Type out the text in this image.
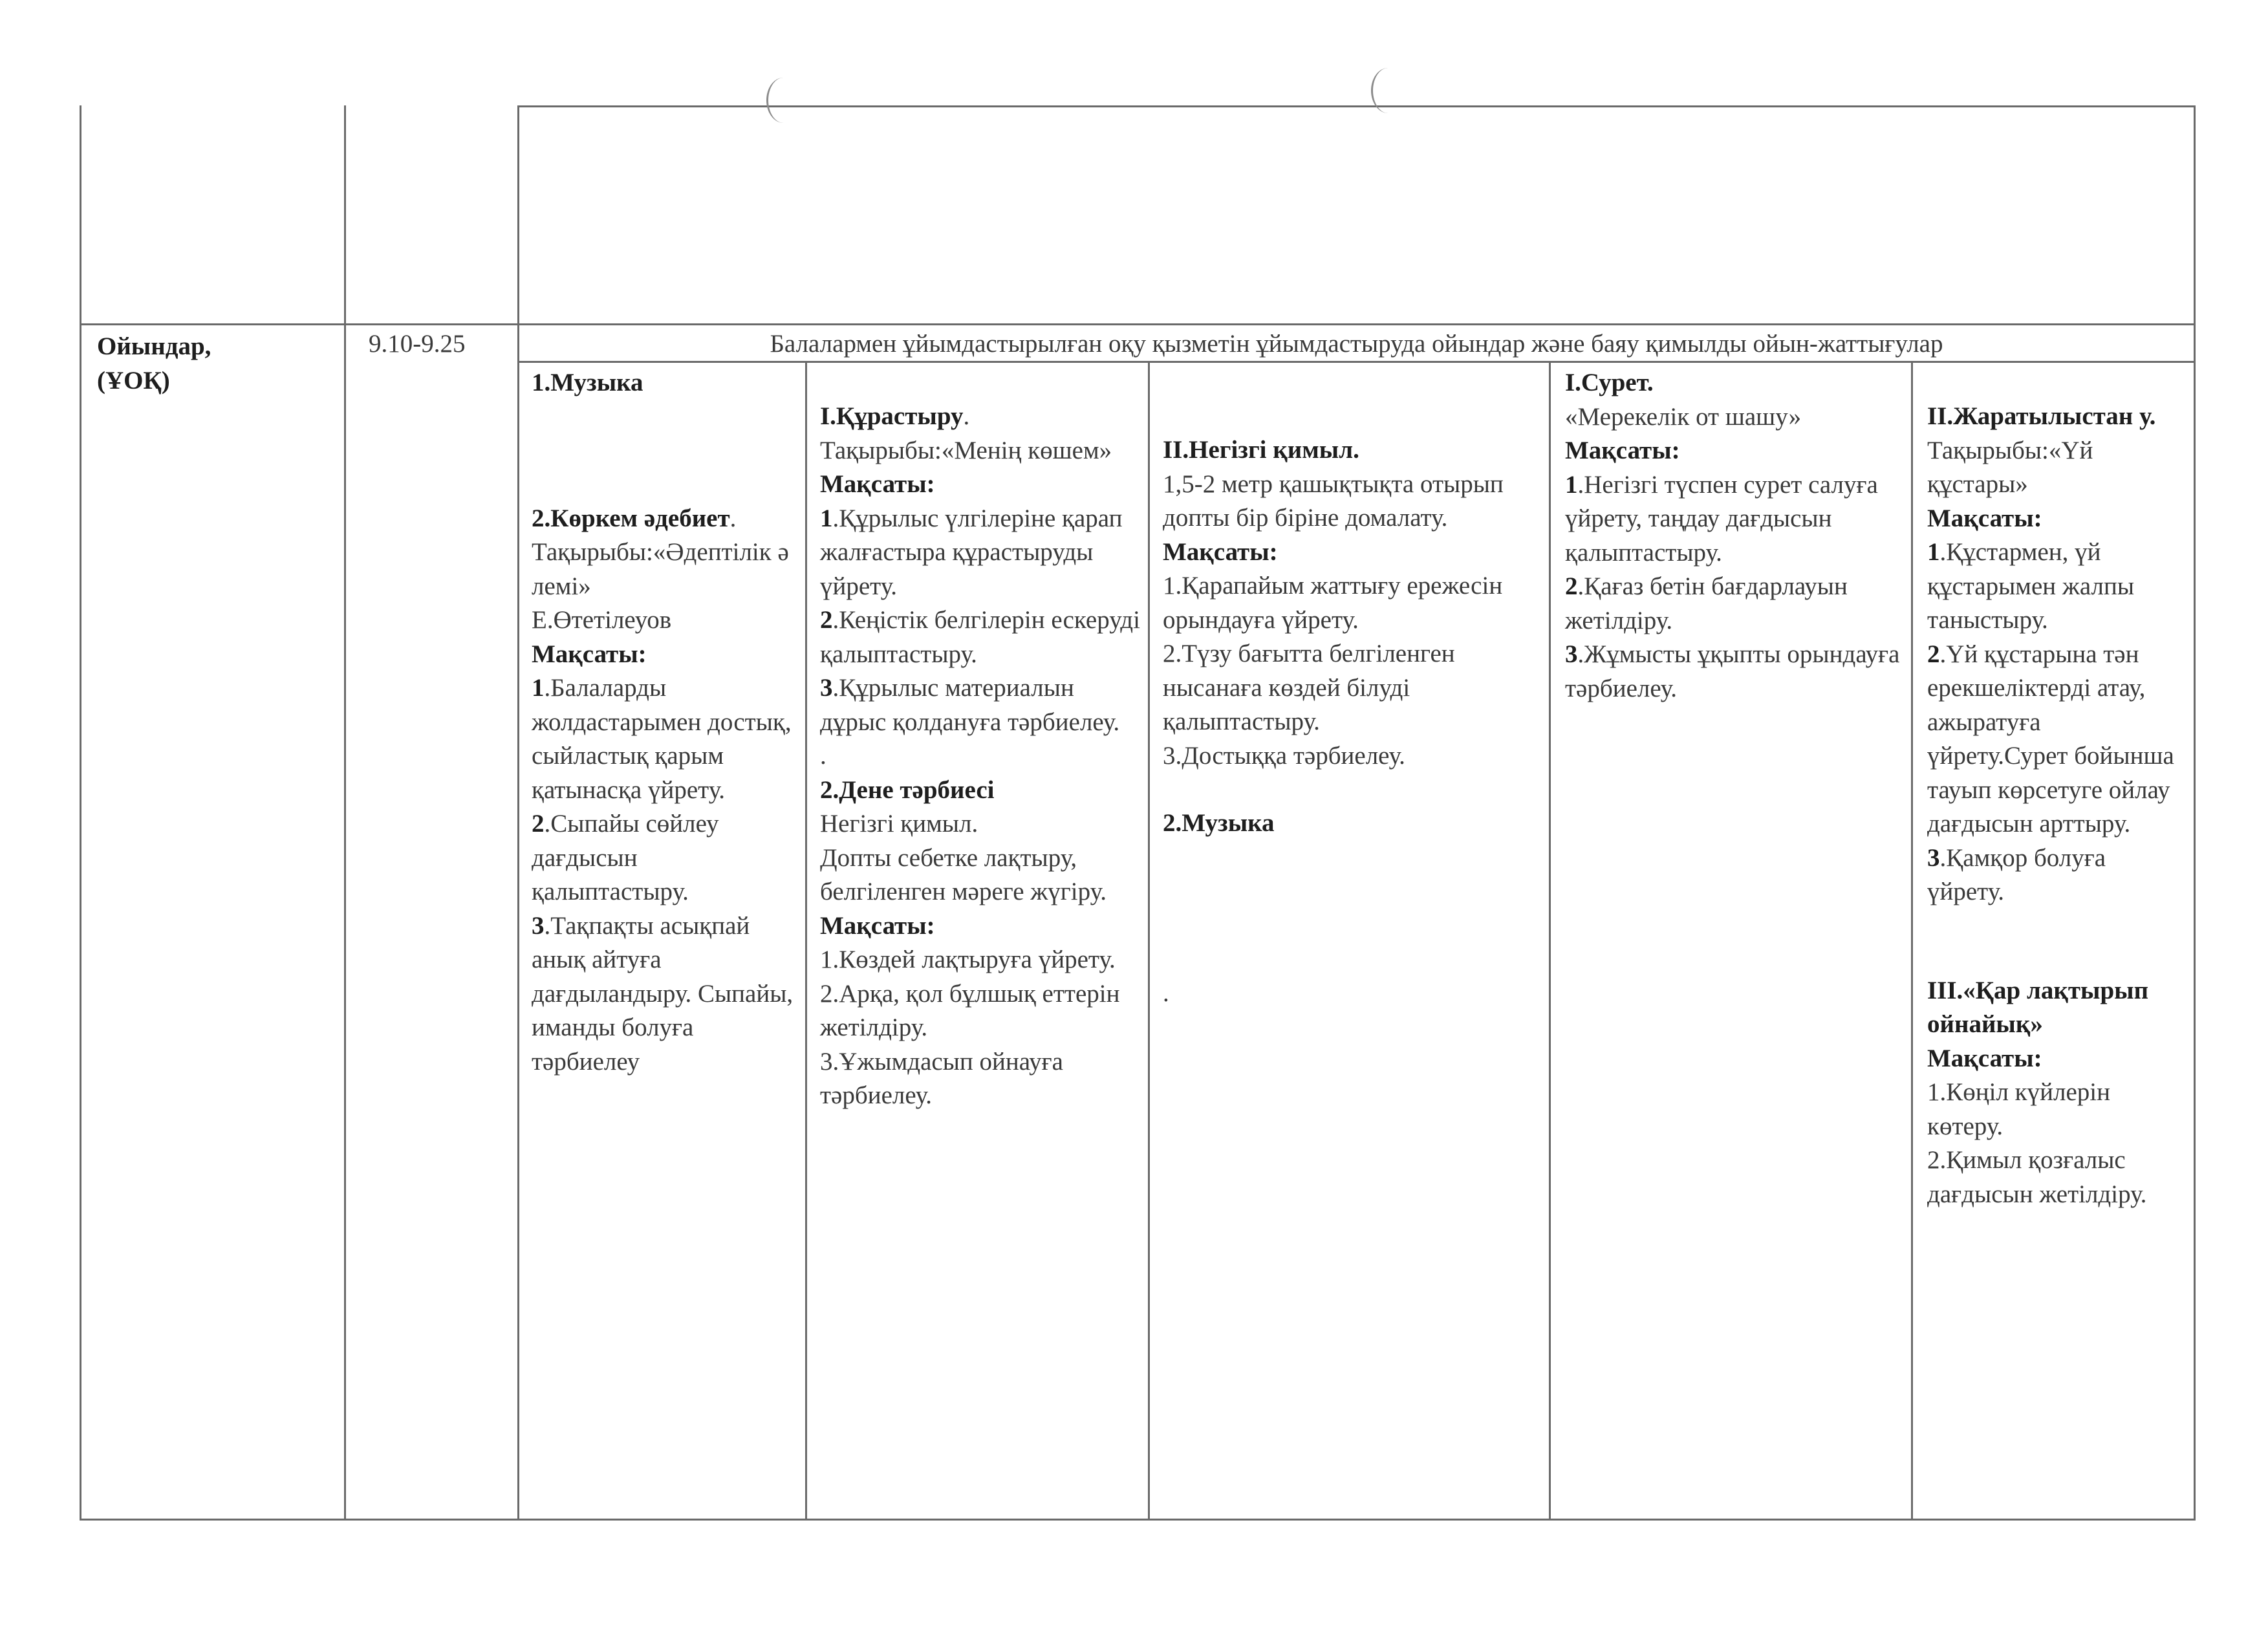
Ойындар,
(ҰОҚ)
9.10-9.25	Балалармен ұйымдастырылған оқу қызметін ұйымдастыруда ойындар және баяу қимылды ойын-жаттығулар
1.Музыка
2.Көркем әдебиет.
Тақырыбы:«Әдептілік әлемі»
Е.Өтетілеуов
Мақсаты:
1.Балаларды жолдастарымен достық, сыйластық қарым қатынасқа үйрету.
2.Сыпайы сөйлеу дағдысын қалыптастыру.
3.Тақпақты асықпай анық айтуға дағдыландыру. Сыпайы, иманды болуға тәрбиелеу
І.Құрастыру.
Тақырыбы:«Менің көшем»
Мақсаты:
1.Құрылыс үлгілеріне қарап жалғастыра құрастыруды үйрету.
2.Кеңістік белгілерін ескеруді қалыптастыру.
3.Құрылыс материалын дұрыс қолдануға тәрбиелеу.
.
2.Дене тәрбиесі
Негізгі қимыл.
Допты себетке лақтыру, белгіленген мәреге жүгіру.
Мақсаты:
1.Көздей лақтыруға үйрету.
2.Арқа, қол бұлшық еттерін жетілдіру.
3.Ұжымдасып ойнауға тәрбиелеу.
ІІ.Негізгі қимыл.
1,5-2 метр қашықтықта отырып допты бір біріне домалату.
Мақсаты:
1.Қарапайым жаттығу ережесін орындауға үйрету.
2.Түзу бағытта белгіленген нысанаға көздей білуді қалыптастыру.
3.Достыққа тәрбиелеу.
2.Музыка
.
І.Сурет.
«Мерекелік от шашу»
Мақсаты:
1.Негізгі түспен сурет салуға үйрету, таңдау дағдысын қалыптастыру.
2.Қағаз бетін бағдарлауын жетілдіру.
3.Жұмысты ұқыпты орындауға тәрбиелеу.
ІІ.Жаратылыстан у.
Тақырыбы:«Үй құстары»
Мақсаты:
1.Құстармен, үй құстарымен жалпы таныстыру.
2.Үй құстарына тән ерекшеліктерді атау, ажыратуға үйрету.Сурет бойынша тауып көрсетуге ойлау дағдысын арттыру.
3.Қамқор болуға үйрету.
ІІІ.«Қар лақтырып ойнайық»
Мақсаты:
1.Көңіл күйлерін көтеру.
2.Қимыл қозғалыс дағдысын жетілдіру.
